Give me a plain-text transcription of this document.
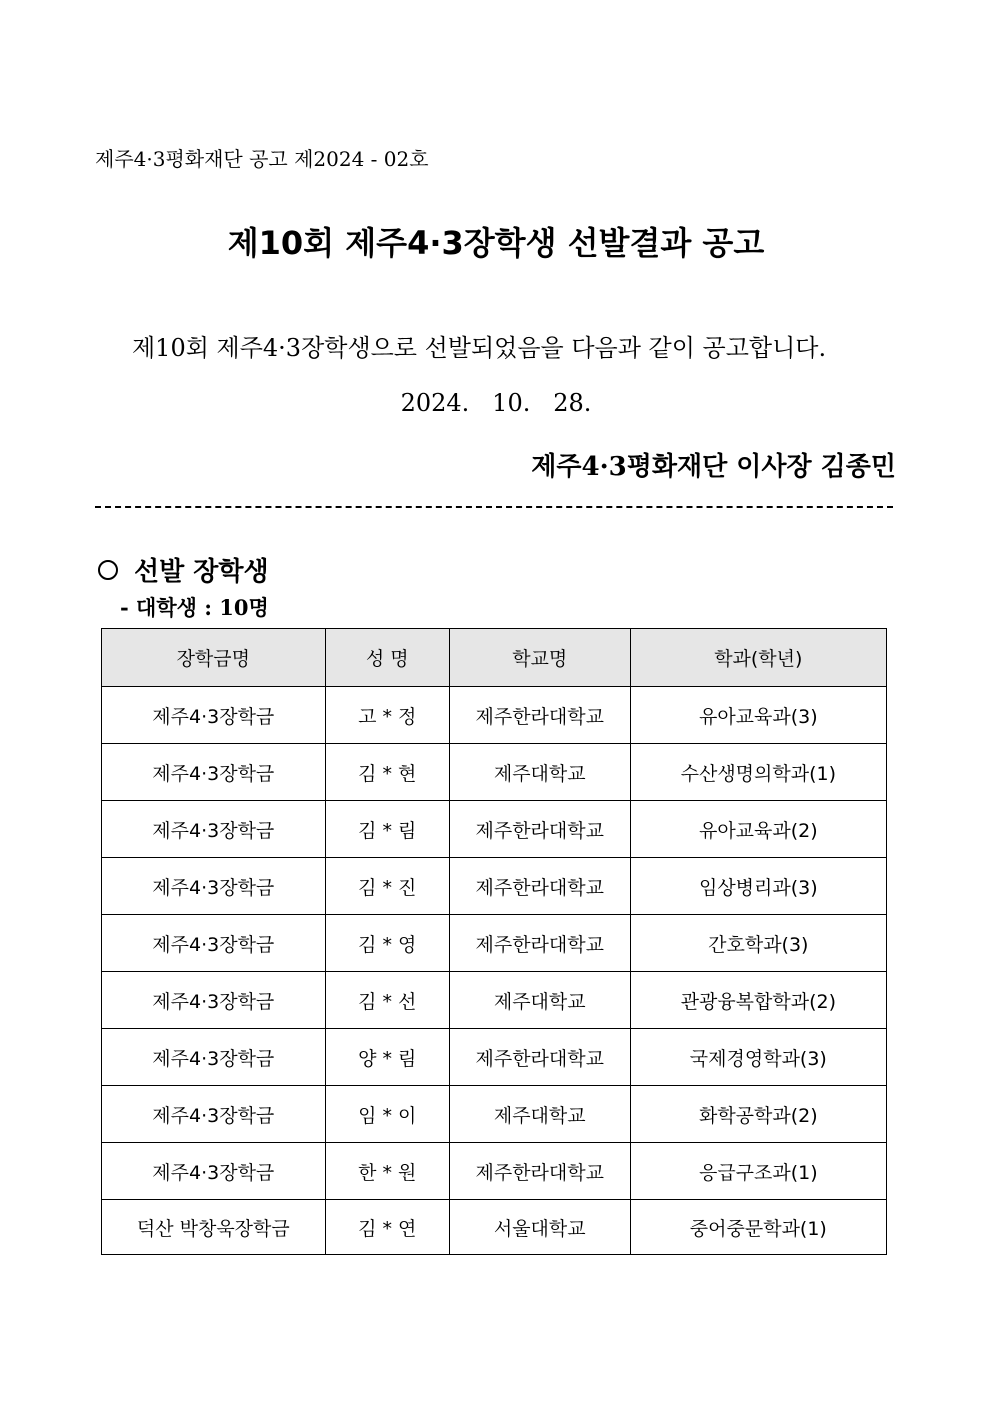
제주4·3평화재단 공고 제2024 - 02호
제10회 제주4·3장학생 선발결과 공고
제10회 제주4·3장학생으로 선발되었음을 다음과 같이 공고합니다.
2024.   10.   28.
제주4·3평화재단 이사장 김종민
선발 장학생
- 대학생 : 10명
장학금명	성 명	학교명	학과(학년)
제주4·3장학금	고 * 정	제주한라대학교	유아교육과(3)
제주4·3장학금	김 * 현	제주대학교	수산생명의학과(1)
제주4·3장학금	김 * 림	제주한라대학교	유아교육과(2)
제주4·3장학금	김 * 진	제주한라대학교	임상병리과(3)
제주4·3장학금	김 * 영	제주한라대학교	간호학과(3)
제주4·3장학금	김 * 선	제주대학교	관광융복합학과(2)
제주4·3장학금	양 * 림	제주한라대학교	국제경영학과(3)
제주4·3장학금	임 * 이	제주대학교	화학공학과(2)
제주4·3장학금	한 * 원	제주한라대학교	응급구조과(1)
덕산 박창욱장학금	김 * 연	서울대학교	중어중문학과(1)
